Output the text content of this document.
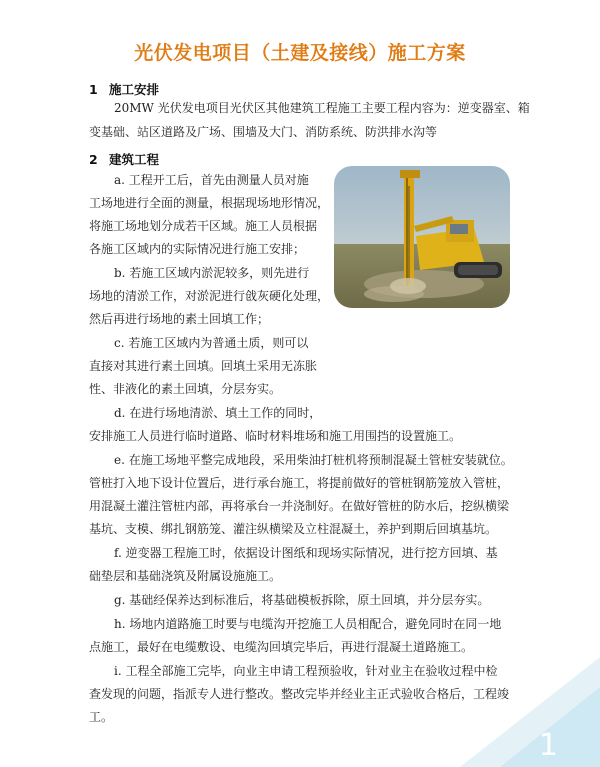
光伏发电项目（土建及接线）施工方案
1 施工安排
20MW 光伏发电项目光伏区其他建筑工程施工主要工程内容为：逆变器室、箱
变基础、站区道路及广场、围墙及大门、消防系统、防洪排水沟等
2 建筑工程
a. 工程开工后，首先由测量人员对施
工场地进行全面的测量，根据现场地形情况，
将施工场地划分成若干区域。施工人员根据
各施工区域内的实际情况进行施工安排；
b. 若施工区域内淤泥较多，则先进行
场地的清淤工作，对淤泥进行戗灰硬化处理，
然后再进行场地的素土回填工作；
c. 若施工区域内为普通土质，则可以
直接对其进行素土回填。回填土采用无冻胀
性、非液化的素土回填，分层夯实。
d. 在进行场地清淤、填土工作的同时，
安排施工人员进行临时道路、临时材料堆场和施工用围挡的设置施工。
e. 在施工场地平整完成地段，采用柴油打桩机将预制混凝土管桩安装就位。
管桩打入地下设计位置后，进行承台施工，将提前做好的管桩钢筋笼放入管桩，
用混凝土灌注管桩内部，再将承台一并浇制好。在做好管桩的防水后，挖纵横梁
基坑、支模、绑扎钢筋笼、灌注纵横梁及立柱混凝土，养护到期后回填基坑。
f. 逆变器工程施工时，依据设计图纸和现场实际情况，进行挖方回填、基
础垫层和基础浇筑及附属设施施工。
g. 基础经保养达到标准后，将基础模板拆除，原土回填，并分层夯实。
h. 场地内道路施工时要与电缆沟开挖施工人员相配合，避免同时在同一地
点施工，最好在电缆敷设、电缆沟回填完毕后，再进行混凝土道路施工。
i. 工程全部施工完毕，向业主申请工程预验收，针对业主在验收过程中检
查发现的问题，指派专人进行整改。整改完毕并经业主正式验收合格后，工程竣
工。
1
